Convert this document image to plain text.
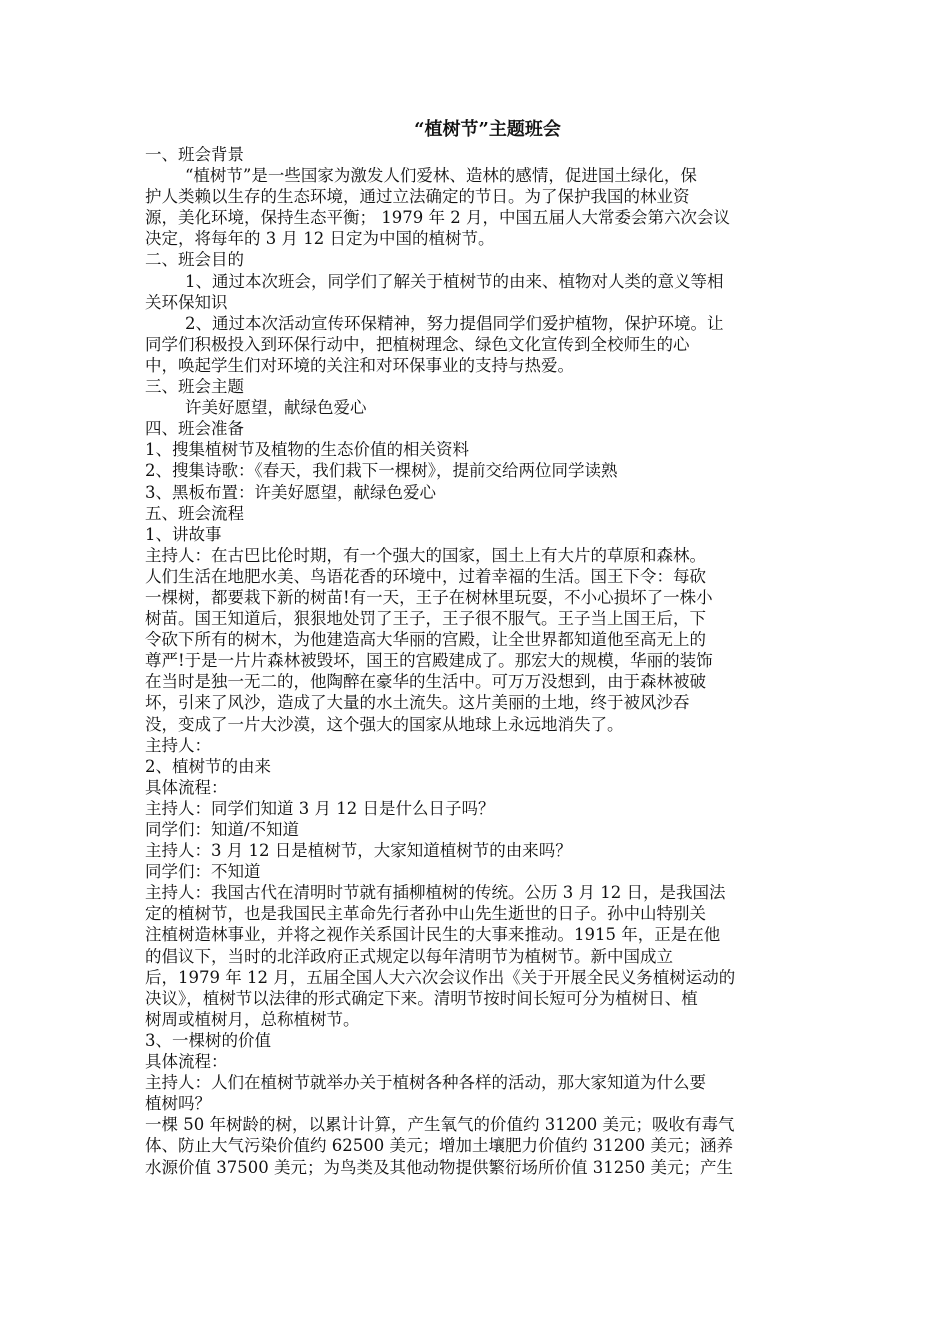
“植树节”主题班会
一、班会背景
“植树节”是一些国家为激发人们爱林、造林的感情，促进国土绿化，保
护人类赖以生存的生态环境，通过立法确定的节日。为了保护我国的林业资
源，美化环境，保持生态平衡； 1979 年 2 月，中国五届人大常委会第六次会议
决定，将每年的 3 月 12 日定为中国的植树节。
二、班会目的
1、通过本次班会，同学们了解关于植树节的由来、植物对人类的意义等相
关环保知识
2、通过本次活动宣传环保精神，努力提倡同学们爱护植物，保护环境。让
同学们积极投入到环保行动中，把植树理念、绿色文化宣传到全校师生的心
中，唤起学生们对环境的关注和对环保事业的支持与热爱。
三、班会主题
许美好愿望，献绿色爱心
四、班会准备
1、搜集植树节及植物的生态价值的相关资料
2、搜集诗歌：《春天，我们栽下一棵树》，提前交给两位同学读熟
3、黑板布置：许美好愿望，献绿色爱心
五、班会流程
1、讲故事
主持人：在古巴比伦时期，有一个强大的国家，国土上有大片的草原和森林。
人们生活在地肥水美、鸟语花香的环境中，过着幸福的生活。国王下令：每砍
一棵树，都要栽下新的树苗!有一天，王子在树林里玩耍，不小心损坏了一株小
树苗。国王知道后，狠狠地处罚了王子，王子很不服气。王子当上国王后，下
令砍下所有的树木，为他建造高大华丽的宫殿，让全世界都知道他至高无上的
尊严!于是一片片森林被毁坏，国王的宫殿建成了。那宏大的规模，华丽的装饰
在当时是独一无二的，他陶醉在豪华的生活中。可万万没想到，由于森林被破
坏，引来了风沙，造成了大量的水土流失。这片美丽的土地，终于被风沙吞
没，变成了一片大沙漠，这个强大的国家从地球上永远地消失了。
主持人：
2、植树节的由来
具体流程：
主持人：同学们知道 3 月 12 日是什么日子吗？
同学们：知道/不知道
主持人：3 月 12 日是植树节，大家知道植树节的由来吗？
同学们：不知道
主持人：我国古代在清明时节就有插柳植树的传统。公历 3 月 12 日，是我国法
定的植树节，也是我国民主革命先行者孙中山先生逝世的日子。孙中山特别关
注植树造林事业，并将之视作关系国计民生的大事来推动。1915 年，正是在他
的倡议下，当时的北洋政府正式规定以每年清明节为植树节。新中国成立
后，1979 年 12 月，五届全国人大六次会议作出《关于开展全民义务植树运动的
决议》，植树节以法律的形式确定下来。清明节按时间长短可分为植树日、植
树周或植树月，总称植树节。
3、一棵树的价值
具体流程：
主持人：人们在植树节就举办关于植树各种各样的活动，那大家知道为什么要
植树吗？
一棵 50 年树龄的树，以累计计算，产生氧气的价值约 31200 美元；吸收有毒气
体、防止大气污染价值约 62500 美元；增加土壤肥力价值约 31200 美元；涵养
水源价值 37500 美元；为鸟类及其他动物提供繁衍场所价值 31250 美元；产生
